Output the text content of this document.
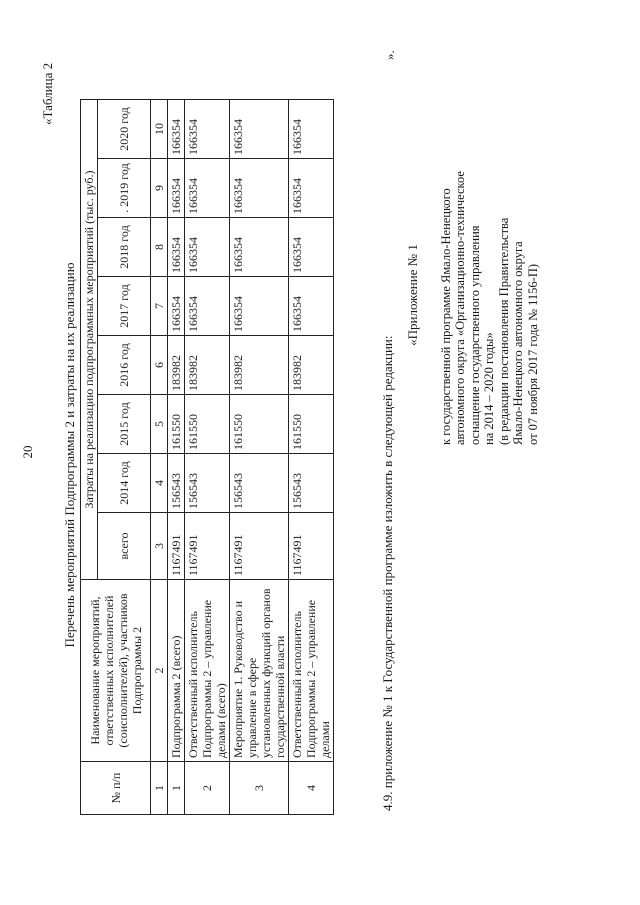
20
«Таблица 2
Перечень мероприятий Подпрограммы 2 и затраты на их реализацию
№ п/п	Наименование мероприятий, ответственных исполнителей (соисполнителей), участников Подпрограммы 2	Затраты на реализацию подпрограммных мероприятий (тыс. руб.)							
		всего	2014 год	2015 год	2016 год	2017 год	2018 год	. 2019 год	2020 год
1	2	3	4	5	6	7	8	9	10
1	Подпрограмма 2 (всего)	1167491	156543	161550	183982	166354	166354	166354	166354
2	Ответственный исполнитель Подпрограммы 2 – управление делами (всего)	1167491	156543	161550	183982	166354	166354	166354	166354
3	Мероприятие 1. Руководство и управление в сфере установленных функций органов государственной власти	1167491	156543	161550	183982	166354	166354	166354	166354
4	Ответственный исполнитель Подпрограммы 2 – управление делами	1167491	156543	161550	183982	166354	166354	166354	166354
».
4.9. приложение № 1 к Государственной программе изложить в следующей редакции:
«Приложение № 1 к государственной программе Ямало-Ненецкого автономного округа «Организационно-техническое оснащение государственного управления на 2014 – 2020 годы» (в редакции постановления Правительства Ямало-Ненецкого автономного округа от 07 ноября 2017 года № 1156-П)
